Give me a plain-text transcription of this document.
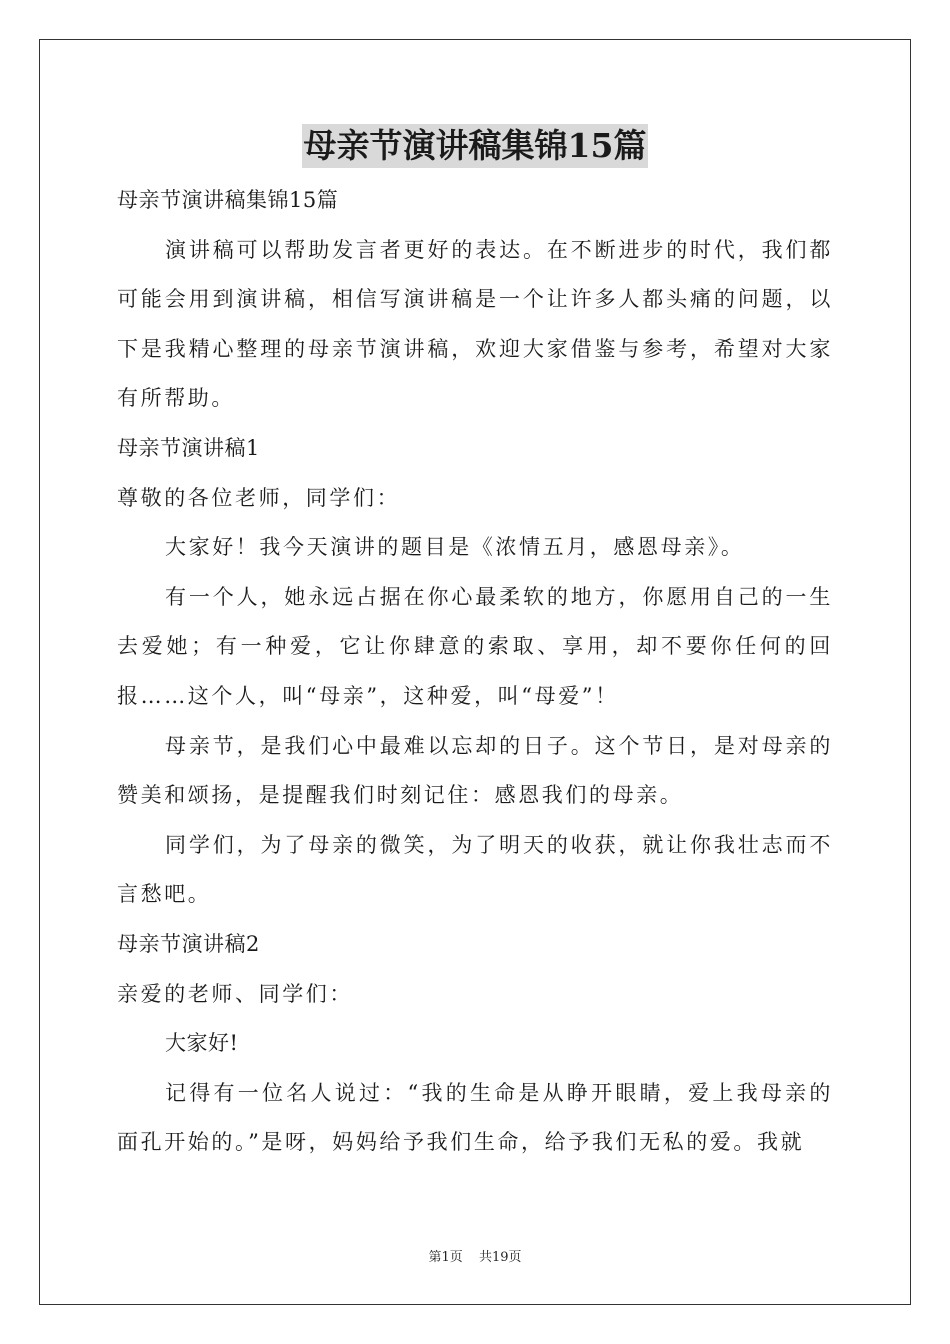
母亲节演讲稿集锦15篇

母亲节演讲稿集锦15篇

演讲稿可以帮助发言者更好的表达。在不断进步的时代，我们都可能会用到演讲稿，相信写演讲稿是一个让许多人都头痛的问题，以下是我精心整理的母亲节演讲稿，欢迎大家借鉴与参考，希望对大家有所帮助。

母亲节演讲稿1

尊敬的各位老师，同学们：

大家好！我今天演讲的题目是《浓情五月，感恩母亲》。

有一个人，她永远占据在你心最柔软的地方，你愿用自己的一生去爱她；有一种爱，它让你肆意的索取、享用，却不要你任何的回报……这个人，叫“母亲”，这种爱，叫“母爱”！

母亲节，是我们心中最难以忘却的日子。这个节日，是对母亲的赞美和颂扬，是提醒我们时刻记住：感恩我们的母亲。

同学们，为了母亲的微笑，为了明天的收获，就让你我壮志而不言愁吧。

母亲节演讲稿2

亲爱的老师、同学们：

大家好!

记得有一位名人说过：“我的生命是从睁开眼睛，爱上我母亲的面孔开始的。”是呀，妈妈给予我们生命，给予我们无私的爱。我就

第1页 共19页
